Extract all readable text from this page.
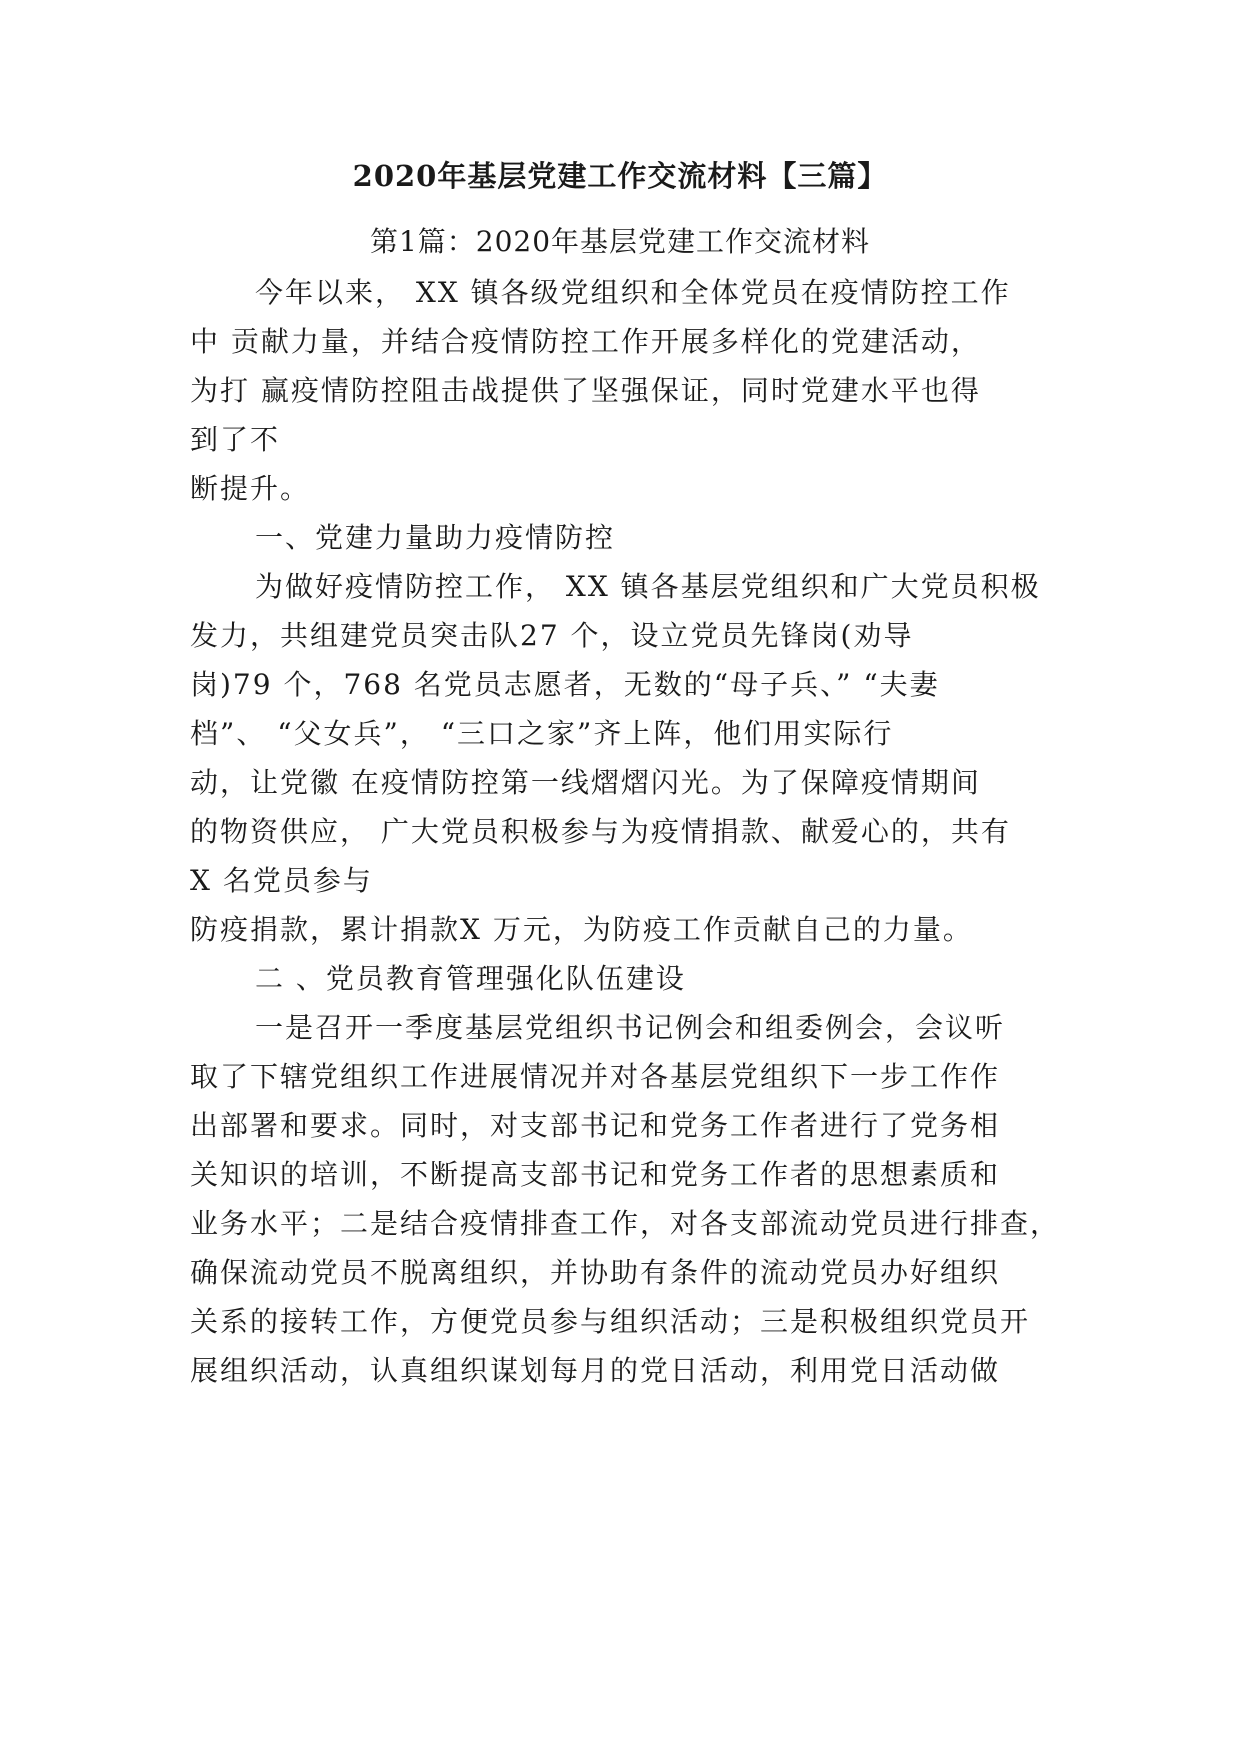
2020年基层党建工作交流材料【三篇】
第1篇：2020年基层党建工作交流材料
今年以来， XX 镇各级党组织和全体党员在疫情防控工作
中 贡献力量，并结合疫情防控工作开展多样化的党建活动，
为打 赢疫情防控阻击战提供了坚强保证，同时党建水平也得
到了不
断提升。
一、党建力量助力疫情防控
为做好疫情防控工作， XX 镇各基层党组织和广大党员积极
发力，共组建党员突击队27 个，设立党员先锋岗(劝导
岗)79 个，768 名党员志愿者，无数的“母子兵、” “夫妻
档”、 “父女兵”， “三口之家”齐上阵，他们用实际行
动，让党徽 在疫情防控第一线熠熠闪光。为了保障疫情期间
的物资供应， 广大党员积极参与为疫情捐款、献爱心的，共有
X 名党员参与
防疫捐款，累计捐款X 万元，为防疫工作贡献自己的力量。
二 、党员教育管理强化队伍建设
一是召开一季度基层党组织书记例会和组委例会，会议听
取了下辖党组织工作进展情况并对各基层党组织下一步工作作
出部署和要求。同时，对支部书记和党务工作者进行了党务相
关知识的培训，不断提高支部书记和党务工作者的思想素质和
业务水平；二是结合疫情排查工作，对各支部流动党员进行排查，
确保流动党员不脱离组织，并协助有条件的流动党员办好组织
关系的接转工作，方便党员参与组织活动；三是积极组织党员开
展组织活动，认真组织谋划每月的党日活动，利用党日活动做
